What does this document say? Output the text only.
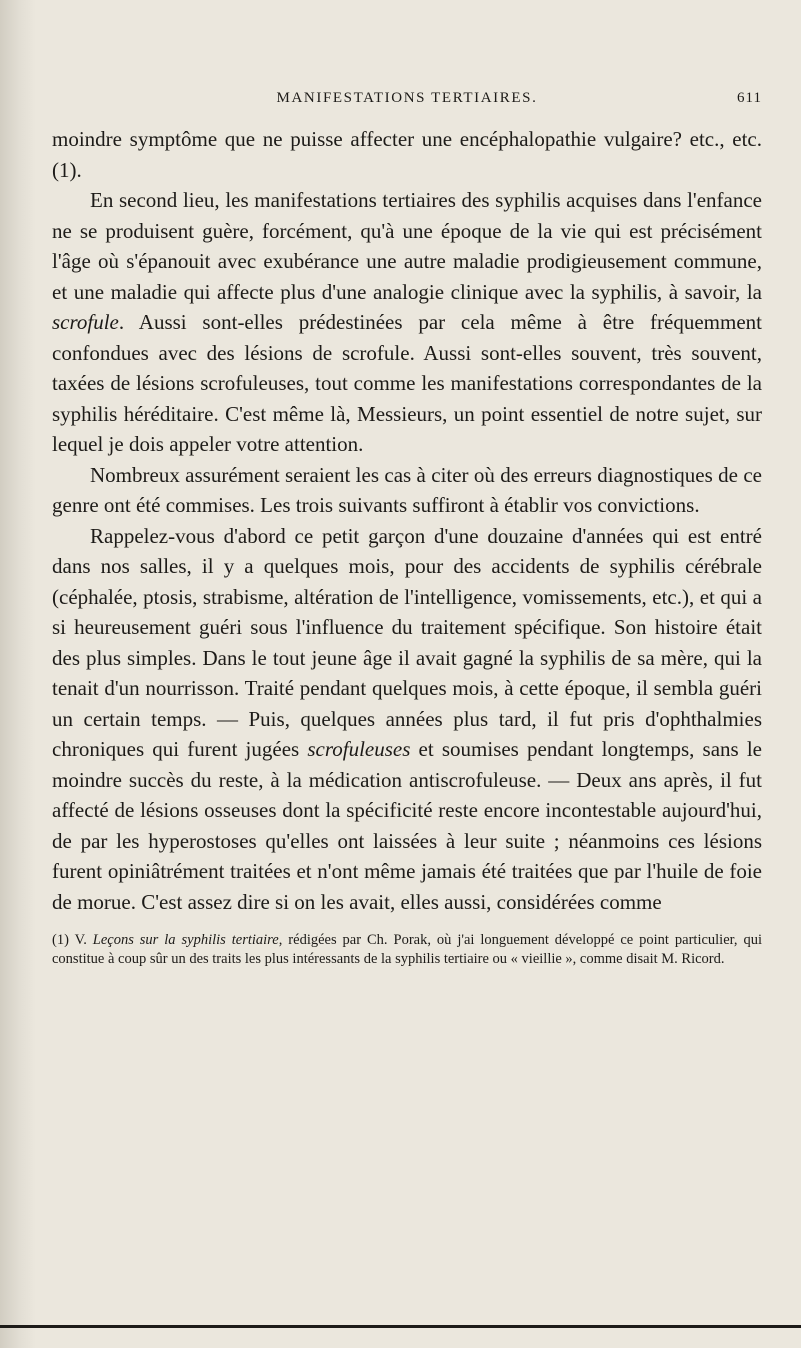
MANIFESTATIONS TERTIAIRES.	611

moindre symptôme que ne puisse affecter une encéphalopathie vulgaire? etc., etc. (1).

En second lieu, les manifestations tertiaires des syphilis acquises dans l'enfance ne se produisent guère, forcément, qu'à une époque de la vie qui est précisément l'âge où s'épanouit avec exubérance une autre maladie prodigieusement commune, et une maladie qui affecte plus d'une analogie clinique avec la syphilis, à savoir, la scrofule. Aussi sont-elles prédestinées par cela même à être fréquemment confondues avec des lésions de scrofule. Aussi sont-elles souvent, très souvent, taxées de lésions scrofuleuses, tout comme les manifestations correspondantes de la syphilis héréditaire. C'est même là, Messieurs, un point essentiel de notre sujet, sur lequel je dois appeler votre attention.

Nombreux assurément seraient les cas à citer où des erreurs diagnostiques de ce genre ont été commises. Les trois suivants suffiront à établir vos convictions.

Rappelez-vous d'abord ce petit garçon d'une douzaine d'années qui est entré dans nos salles, il y a quelques mois, pour des accidents de syphilis cérébrale (céphalée, ptosis, strabisme, altération de l'intelligence, vomissements, etc.), et qui a si heureusement guéri sous l'influence du traitement spécifique. Son histoire était des plus simples. Dans le tout jeune âge il avait gagné la syphilis de sa mère, qui la tenait d'un nourrisson. Traité pendant quelques mois, à cette époque, il sembla guéri un certain temps. — Puis, quelques années plus tard, il fut pris d'ophthalmies chroniques qui furent jugées scrofuleuses et soumises pendant longtemps, sans le moindre succès du reste, à la médication antiscrofuleuse. — Deux ans après, il fut affecté de lésions osseuses dont la spécificité reste encore incontestable aujourd'hui, de par les hyperostoses qu'elles ont laissées à leur suite ; néanmoins ces lésions furent opiniâtrément traitées et n'ont même jamais été traitées que par l'huile de foie de morue. C'est assez dire si on les avait, elles aussi, considérées comme

(1) V. Leçons sur la syphilis tertiaire, rédigées par Ch. Porak, où j'ai longuement développé ce point particulier, qui constitue à coup sûr un des traits les plus intéressants de la syphilis tertiaire ou « vieillie », comme disait M. Ricord.
